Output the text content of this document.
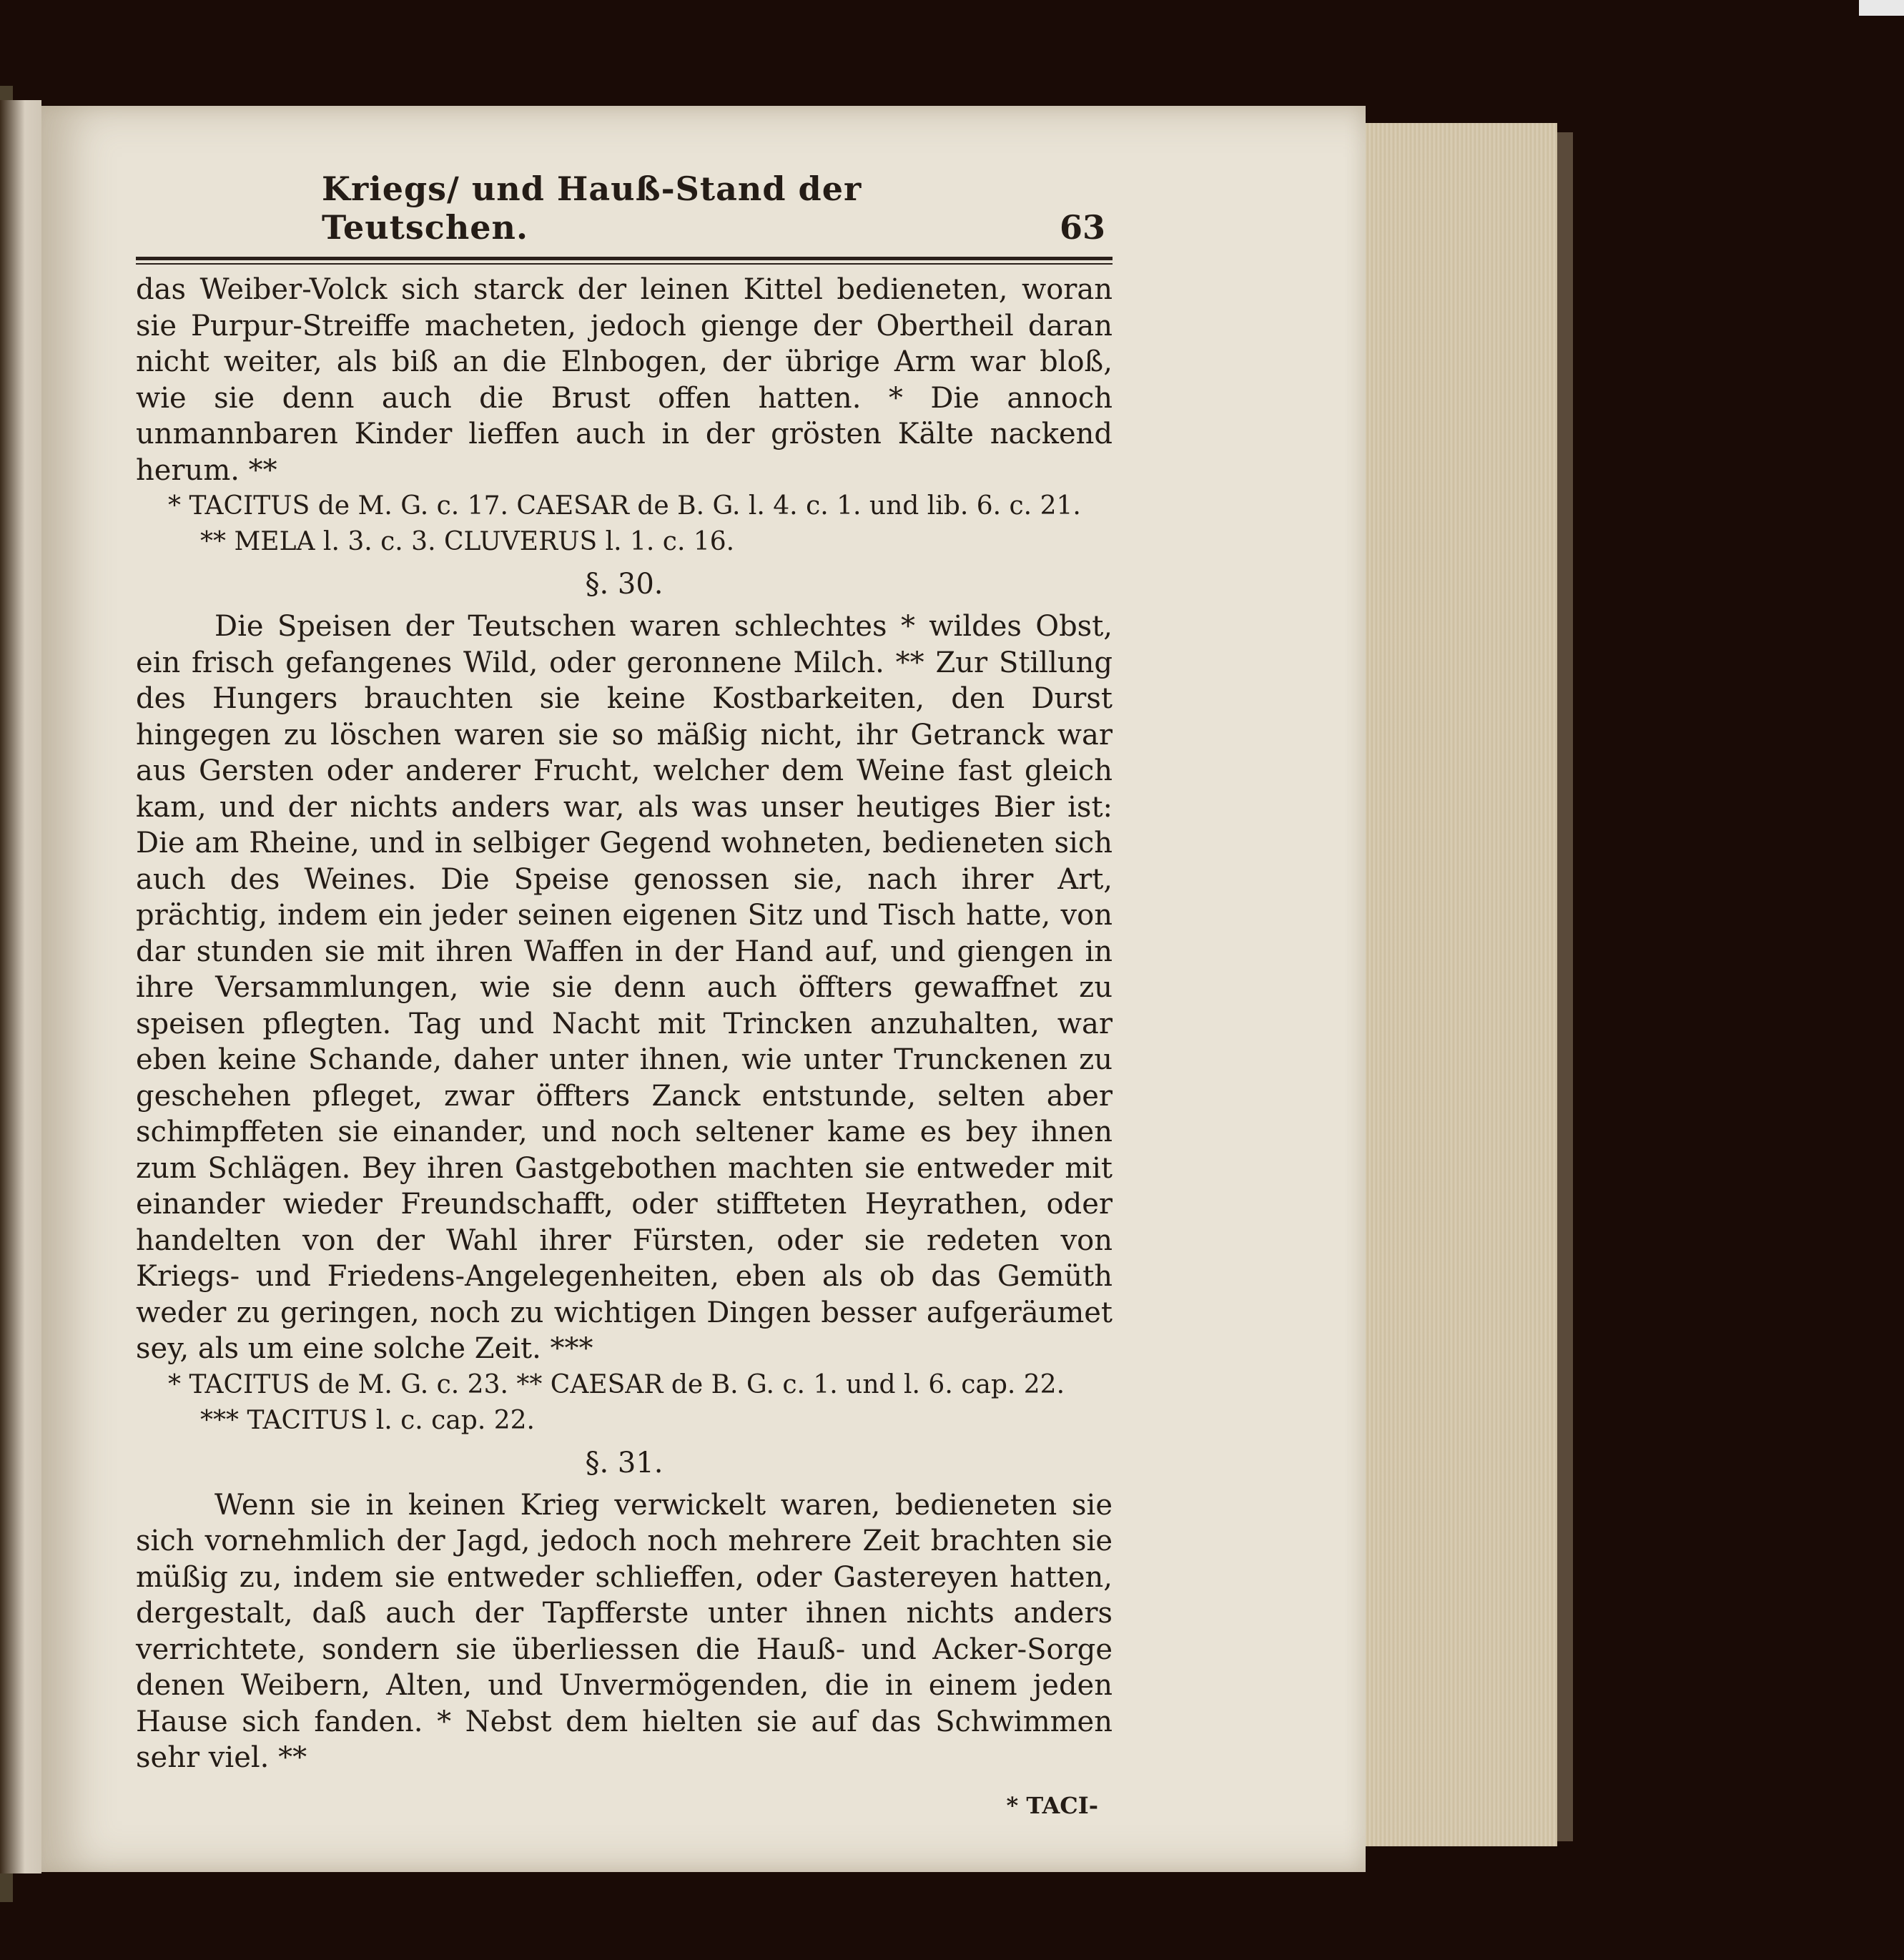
Kriegs/ und Hauß-Stand der Teutschen.	63
das Weiber-Volck sich starck der leinen Kittel bedieneten, woran sie Purpur-Streiffe macheten, jedoch gienge der Obertheil daran nicht weiter, als biß an die Elnbogen, der übrige Arm war bloß, wie sie denn auch die Brust offen hatten. * Die annoch unmannbaren Kinder lieffen auch in der grösten Kälte nackend herum. **
* TACITUS de M. G. c. 17. CAESAR de B. G. l. 4. c. 1. und lib. 6. c. 21.
** MELA l. 3. c. 3. CLUVERUS l. 1. c. 16.
§. 30.
Die Speisen der Teutschen waren schlechtes * wildes Obst, ein frisch gefangenes Wild, oder geronnene Milch. ** Zur Stillung des Hungers brauchten sie keine Kostbarkeiten, den Durst hingegen zu löschen waren sie so mäßig nicht, ihr Getranck war aus Gersten oder anderer Frucht, welcher dem Weine fast gleich kam, und der nichts anders war, als was unser heutiges Bier ist: Die am Rheine, und in selbiger Gegend wohneten, bedieneten sich auch des Weines. Die Speise genossen sie, nach ihrer Art, prächtig, indem ein jeder seinen eigenen Sitz und Tisch hatte, von dar stunden sie mit ihren Waffen in der Hand auf, und giengen in ihre Versammlungen, wie sie denn auch öffters gewaffnet zu speisen pflegten. Tag und Nacht mit Trincken anzuhalten, war eben keine Schande, daher unter ihnen, wie unter Trunckenen zu geschehen pfleget, zwar öffters Zanck entstunde, selten aber schimpffeten sie einander, und noch seltener kame es bey ihnen zum Schlägen. Bey ihren Gastgebothen machten sie entweder mit einander wieder Freundschafft, oder stiffteten Heyrathen, oder handelten von der Wahl ihrer Fürsten, oder sie redeten von Kriegs- und Friedens-Angelegenheiten, eben als ob das Gemüth weder zu geringen, noch zu wichtigen Dingen besser aufgeräumet sey, als um eine solche Zeit. ***
* TACITUS de M. G. c. 23. ** CAESAR de B. G. c. 1. und l. 6. cap. 22.
*** TACITUS l. c. cap. 22.
§. 31.
Wenn sie in keinen Krieg verwickelt waren, bedieneten sie sich vornehmlich der Jagd, jedoch noch mehrere Zeit brachten sie müßig zu, indem sie entweder schlieffen, oder Gastereyen hatten, dergestalt, daß auch der Tapfferste unter ihnen nichts anders verrichtete, sondern sie überliessen die Hauß- und Acker-Sorge denen Weibern, Alten, und Unvermögenden, die in einem jeden Hause sich fanden. * Nebst dem hielten sie auf das Schwimmen sehr viel. **
* TACI-
